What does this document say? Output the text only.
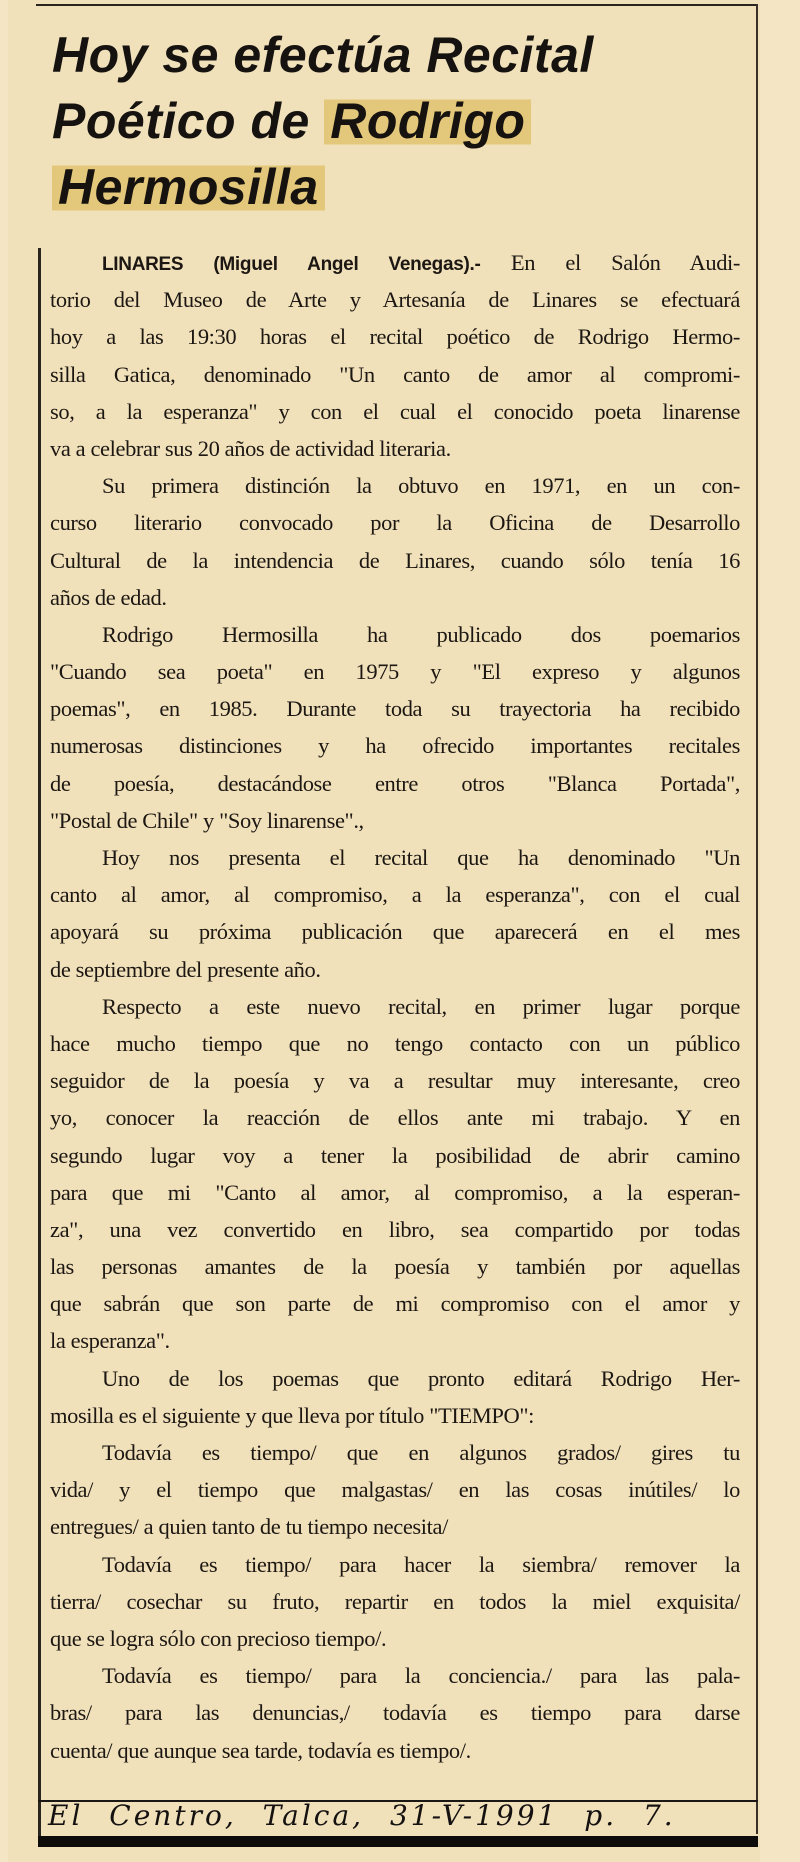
Hoy se efectúa Recital
Poético de Rodrigo
Hermosilla
LINARES (Miguel Angel Venegas).- En el Salón Audi-
torio del Museo de Arte y Artesanía de Linares se efectuará
hoy a las 19:30 horas el recital poético de Rodrigo Hermo-
silla Gatica, denominado "Un canto de amor al compromi-
so, a la esperanza" y con el cual el conocido poeta linarense
va a celebrar sus 20 años de actividad literaria.
Su primera distinción la obtuvo en 1971, en un con-
curso literario convocado por la Oficina de Desarrollo
Cultural de la intendencia de Linares, cuando sólo tenía 16
años de edad.
Rodrigo Hermosilla ha publicado dos poemarios
"Cuando sea poeta" en 1975 y "El expreso y algunos
poemas", en 1985. Durante toda su trayectoria ha recibido
numerosas distinciones y ha ofrecido importantes recitales
de poesía, destacándose entre otros "Blanca Portada",
"Postal de Chile" y "Soy linarense".,
Hoy nos presenta el recital que ha denominado "Un
canto al amor, al compromiso, a la esperanza", con el cual
apoyará su próxima publicación que aparecerá en el mes
de septiembre del presente año.
Respecto a este nuevo recital, en primer lugar porque
hace mucho tiempo que no tengo contacto con un público
seguidor de la poesía y va a resultar muy interesante, creo
yo, conocer la reacción de ellos ante mi trabajo. Y en
segundo lugar voy a tener la posibilidad de abrir camino
para que mi "Canto al amor, al compromiso, a la esperan-
za", una vez convertido en libro, sea compartido por todas
las personas amantes de la poesía y también por aquellas
que sabrán que son parte de mi compromiso con el amor y
la esperanza".
Uno de los poemas que pronto editará Rodrigo Her-
mosilla es el siguiente y que lleva por título "TIEMPO":
Todavía es tiempo/ que en algunos grados/ gires tu
vida/ y el tiempo que malgastas/ en las cosas inútiles/ lo
entregues/ a quien tanto de tu tiempo necesita/
Todavía es tiempo/ para hacer la siembra/ remover la
tierra/ cosechar su fruto, repartir en todos la miel exquisita/
que se logra sólo con precioso tiempo/.
Todavía es tiempo/ para la conciencia./ para las pala-
bras/ para las denuncias,/ todavía es tiempo para darse
cuenta/ que aunque sea tarde, todavía es tiempo/.
El Centro, Talca, 31-V-1991 p. 7.
